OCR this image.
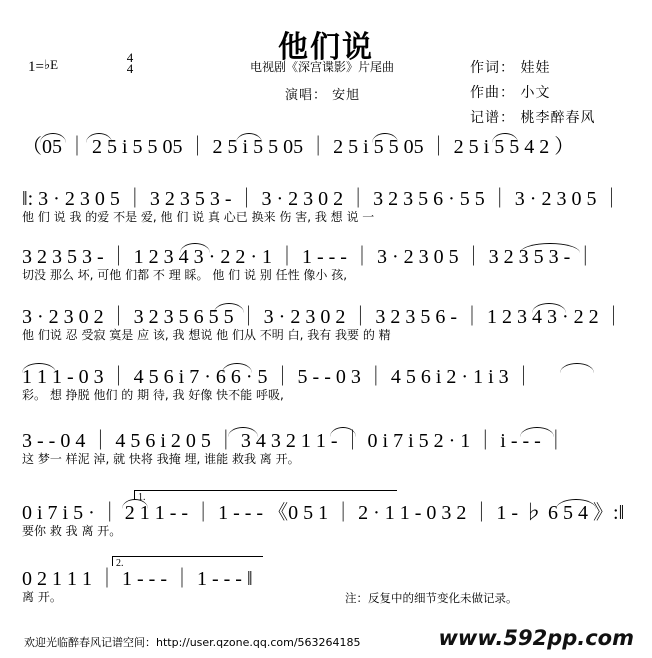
他们说
1=♭E	4
4	电视剧《深宫谍影》片尾曲
演唱： 安旭
作词： 娃娃
作曲： 小文
记谱： 桃李醉春风
（05 ｜ 2 5 i 5 5 05 ｜ 2 5 i 5 5 05 ｜ 2 5 i 5 5 05 ｜ 2 5 i 5 5 4 2 ）
‖: 3 · 2 3 0 5 ｜ 3 2 3 5 3 - ｜ 3 · 2 3 0 2 ｜ 3 2 3 5 6 · 5 5 ｜ 3 · 2 3 0 5 ｜
他 们 说 我 的爱 不是 爱, 他 们 说 真 心已 换来 伤 害, 我 想 说 一
3 2 3 5 3 - ｜ 1 2 3 4 3 · 2 2 · 1 ｜ 1 - - - ｜ 3 · 2 3 0 5 ｜ 3 2 3 5 3 - ｜
切没 那么 坏, 可他 们都 不 理 睬。 他 们 说 别 任性 像小 孩,
3 · 2 3 0 2 ｜ 3 2 3 5 6 5 5 ｜ 3 · 2 3 0 2 ｜ 3 2 3 5 6 - ｜ 1 2 3 4 3 · 2 2 ｜
他 们说 忍 受寂 寞是 应 该, 我 想说 他 们从 不明 白, 我有 我要 的 精
1 1 1 - 0 3 ｜ 4 5 6 i 7 · 6 6 · 5 ｜ 5 - - 0 3 ｜ 4 5 6 i 2 · 1 i 3 ｜
彩。 想 挣脱 他们 的 期 待, 我 好像 快不能 呼吸,
3 - - 0 4 ｜ 4 5 6 i 2 0 5 ｜ 3 4 3 2 1 1 - ｜ 0 i 7 i 5 2 · 1 ｜ i - - - ｜
这 梦一 样泥 淖, 就 快将 我掩 埋, 谁能 救我 离 开。
0 i 7 i 5 · ｜ 2 1 1 - - ｜ 1 - - - 《0 5 1 ｜ 2 · 1 1 - 0 3 2 ｜ 1 - ♭ 6 5 4 》:‖
要你 救 我 离 开。
1.
0 2 1 1 1 ｜ 1 - - - ｜ 1 - - - ‖
离 开。
2.
注：反复中的细节变化未做记录。
欢迎光临醉春风记谱空间：http://user.qzone.qq.com/563264185	www.592pp.com
